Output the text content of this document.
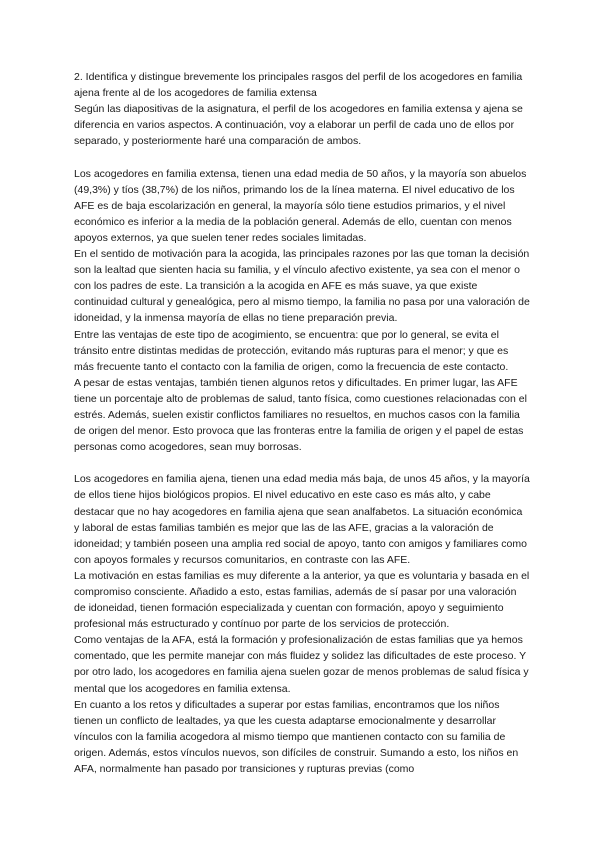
2. Identifica y distingue brevemente los principales rasgos del perfil de los acogedores en familia ajena frente al de los acogedores de familia extensa

Según las diapositivas de la asignatura, el perfil de los acogedores en familia extensa y ajena se diferencia en varios aspectos. A continuación, voy a elaborar un perfil de cada uno de ellos por separado, y posteriormente haré una comparación de ambos.

Los acogedores en familia extensa, tienen una edad media de 50 años, y la mayoría son abuelos (49,3%) y tíos (38,7%) de los niños, primando los de la línea materna. El nivel educativo de los AFE es de baja escolarización en general, la mayoría sólo tiene estudios primarios, y el nivel económico es inferior a la media de la población general. Además de ello, cuentan con menos apoyos externos, ya que suelen tener redes sociales limitadas.

En el sentido de motivación para la acogida, las principales razones por las que toman la decisión son la lealtad que sienten hacia su familia, y el vínculo afectivo existente, ya sea con el menor o con los padres de este. La transición a la acogida en AFE es más suave, ya que existe continuidad cultural y genealógica, pero al mismo tiempo, la familia no pasa por una valoración de idoneidad, y la inmensa mayoría de ellas no tiene preparación previa.

Entre las ventajas de este tipo de acogimiento, se encuentra: que por lo general, se evita el tránsito entre distintas medidas de protección, evitando más rupturas para el menor; y que es más frecuente tanto el contacto con la familia de origen, como la frecuencia de este contacto.

A pesar de estas ventajas, también tienen algunos retos y dificultades. En primer lugar, las AFE tiene un porcentaje alto de problemas de salud, tanto física, como cuestiones relacionadas con el estrés. Además, suelen existir conflictos familiares no resueltos, en muchos casos con la familia de origen del menor. Esto provoca que las fronteras entre la familia de origen y el papel de estas personas como acogedores, sean muy borrosas.

Los acogedores en familia ajena, tienen una edad media más baja, de unos 45 años, y la mayoría de ellos tiene hijos biológicos propios. El nivel educativo en este caso es más alto, y cabe destacar que no hay acogedores en familia ajena que sean analfabetos. La situación económica y laboral de estas familias también es mejor que las de las AFE, gracias a la valoración de idoneidad; y también poseen una amplia red social de apoyo, tanto con amigos y familiares como con apoyos formales y recursos comunitarios, en contraste con las AFE.

La motivación en estas familias es muy diferente a la anterior, ya que es voluntaria y basada en el compromiso consciente. Añadido a esto, estas familias, además de sí pasar por una valoración de idoneidad, tienen formación especializada y cuentan con formación, apoyo y seguimiento profesional más estructurado y contínuo por parte de los servicios de protección.

Como ventajas de la AFA, está la formación y profesionalización de estas familias que ya hemos comentado, que les permite manejar con más fluidez y solidez las dificultades de este proceso. Y por otro lado, los acogedores en familia ajena suelen gozar de menos problemas de salud física y mental que los acogedores en familia extensa.

En cuanto a los retos y dificultades a superar por estas familias, encontramos que los niños tienen un conflicto de lealtades, ya que les cuesta adaptarse emocionalmente y desarrollar vínculos con la familia acogedora al mismo tiempo que mantienen contacto con su familia de origen. Además, estos vínculos nuevos, son difíciles de construir. Sumando a esto, los niños en AFA, normalmente han pasado por transiciones y rupturas previas (como
